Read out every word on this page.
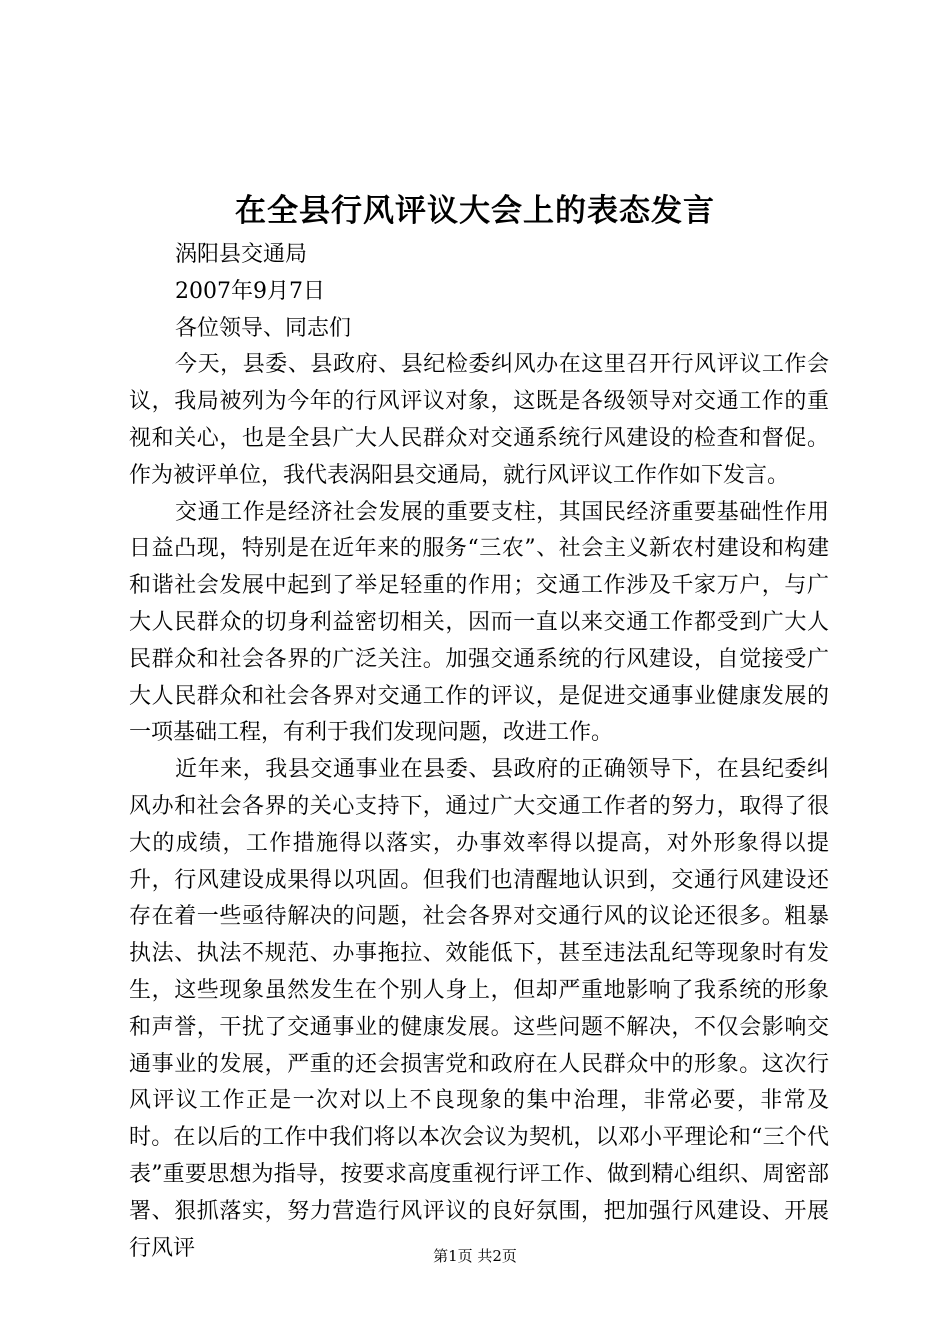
在全县行风评议大会上的表态发言

涡阳县交通局

2007年9月7日

各位领导、同志们

今天，县委、县政府、县纪检委纠风办在这里召开行风评议工作会议，我局被列为今年的行风评议对象，这既是各级领导对交通工作的重视和关心，也是全县广大人民群众对交通系统行风建设的检查和督促。作为被评单位，我代表涡阳县交通局，就行风评议工作作如下发言。

交通工作是经济社会发展的重要支柱，其国民经济重要基础性作用日益凸现，特别是在近年来的服务“三农”、社会主义新农村建设和构建和谐社会发展中起到了举足轻重的作用；交通工作涉及千家万户，与广大人民群众的切身利益密切相关，因而一直以来交通工作都受到广大人民群众和社会各界的广泛关注。加强交通系统的行风建设，自觉接受广大人民群众和社会各界对交通工作的评议，是促进交通事业健康发展的一项基础工程，有利于我们发现问题，改进工作。

近年来，我县交通事业在县委、县政府的正确领导下，在县纪委纠风办和社会各界的关心支持下，通过广大交通工作者的努力，取得了很大的成绩，工作措施得以落实，办事效率得以提高，对外形象得以提升，行风建设成果得以巩固。但我们也清醒地认识到，交通行风建设还存在着一些亟待解决的问题，社会各界对交通行风的议论还很多。粗暴执法、执法不规范、办事拖拉、效能低下，甚至违法乱纪等现象时有发生，这些现象虽然发生在个别人身上，但却严重地影响了我系统的形象和声誉，干扰了交通事业的健康发展。这些问题不解决，不仅会影响交通事业的发展，严重的还会损害党和政府在人民群众中的形象。这次行风评议工作正是一次对以上不良现象的集中治理，非常必要，非常及时。在以后的工作中我们将以本次会议为契机，以邓小平理论和“三个代表”重要思想为指导，按要求高度重视行评工作、做到精心组织、周密部署、狠抓落实，努力营造行风评议的良好氛围，把加强行风建设、开展行风评	第1页 共2页
